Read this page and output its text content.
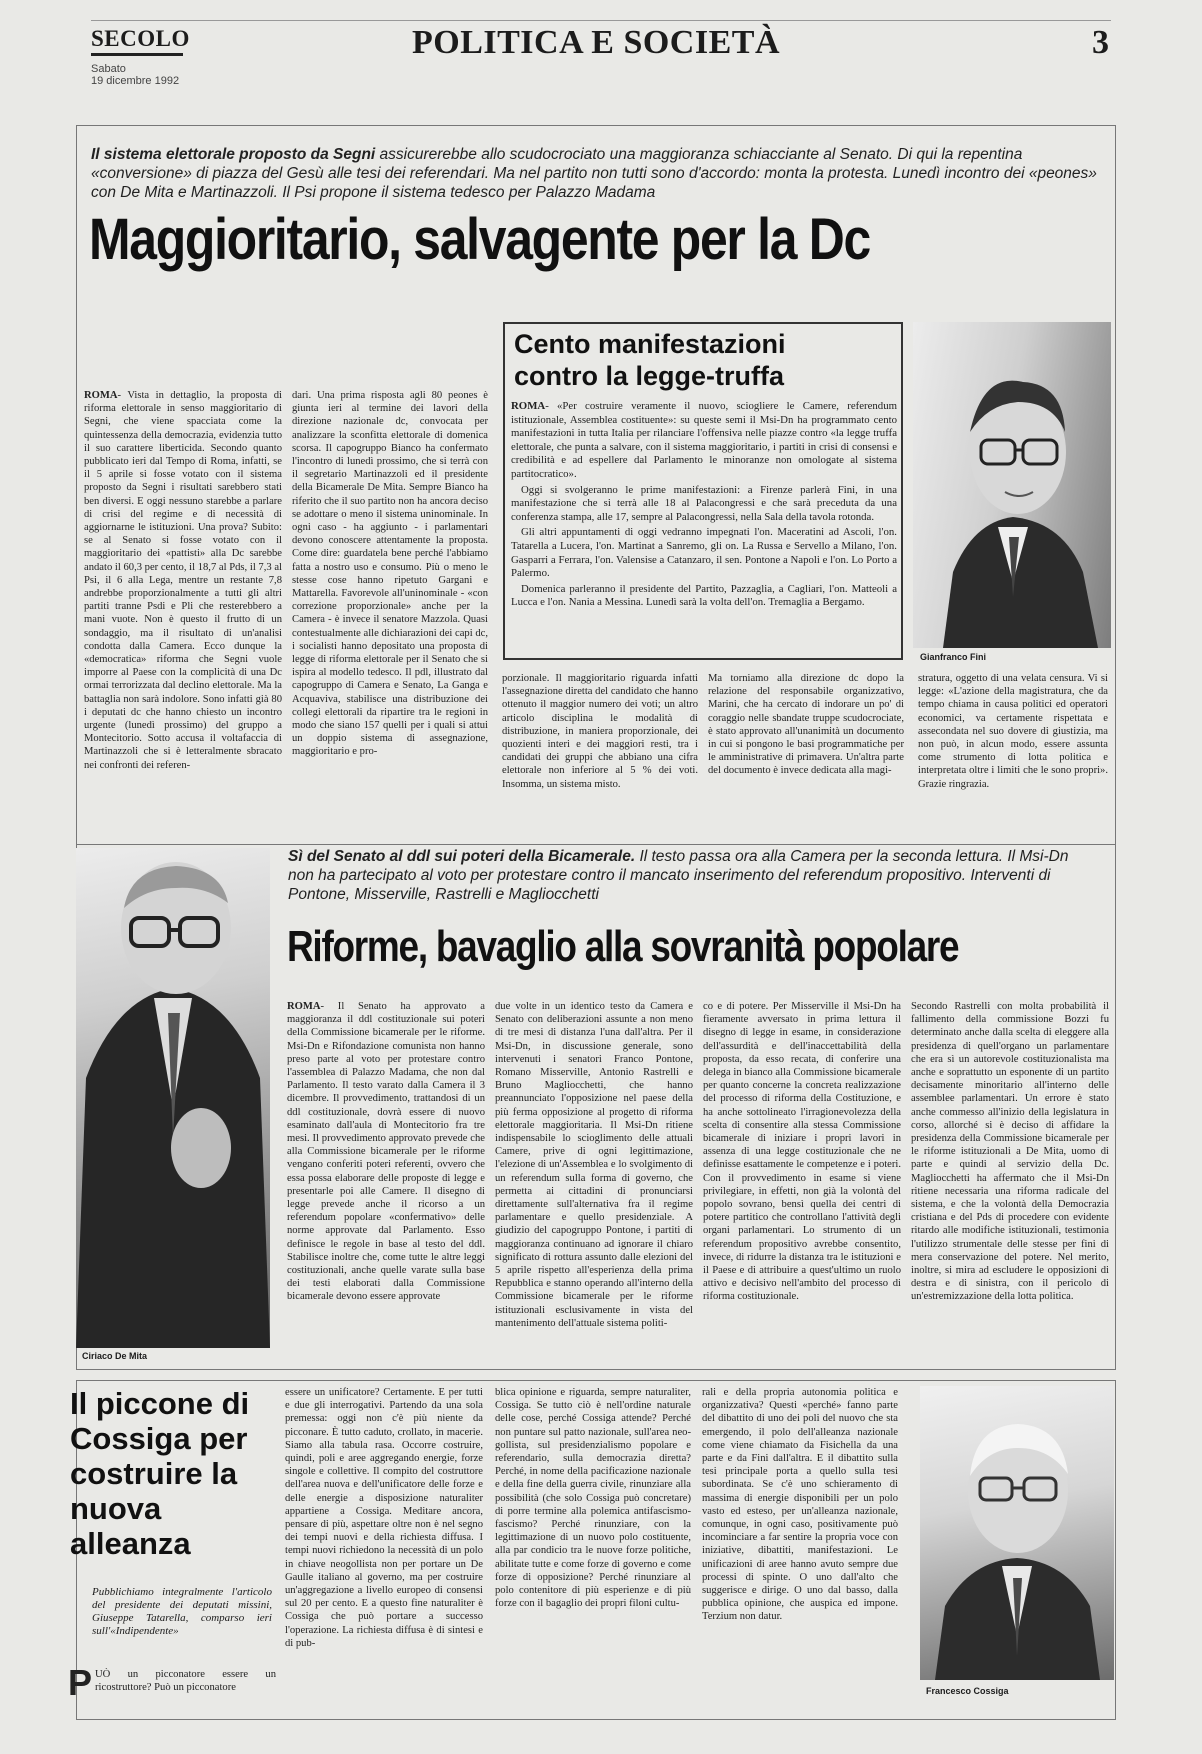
SECOLO
Sabato
19 dicembre 1992
POLITICA E SOCIETÀ	3
Il sistema elettorale proposto da Segni assicurerebbe allo scudocrociato una maggioranza schiacciante al Senato. Di qui la repentina «conversione» di piazza del Gesù alle tesi dei referendari. Ma nel partito non tutti sono d'accordo: monta la protesta. Lunedì incontro dei «peones» con De Mita e Martinazzoli. Il Psi propone il sistema tedesco per Palazzo Madama
Maggioritario, salvagente per la Dc
ROMA- Vista in dettaglio, la proposta di riforma elettorale in senso maggioritario di Segni, che viene spacciata come la quintessenza della democrazia, evidenzia tutto il suo carattere liberticida. Secondo quanto pubblicato ieri dal Tempo di Roma, infatti, se il 5 aprile si fosse votato con il sistema proposto da Segni i risultati sarebbero stati ben diversi. E oggi nessuno starebbe a parlare di crisi del regime e di necessità di aggiornarne le istituzioni. Una prova? Subito: se al Senato si fosse votato con il maggioritario dei «pattisti» alla Dc sarebbe andato il 60,3 per cento, il 18,7 al Pds, il 7,3 al Psi, il 6 alla Lega, mentre un restante 7,8 andrebbe proporzionalmente a tutti gli altri partiti tranne Psdi e Pli che resterebbero a mani vuote. Non è questo il frutto di un sondaggio, ma il risultato di un'analisi condotta dalla Camera. Ecco dunque la «democratica» riforma che Segni vuole imporre al Paese con la complicità di una Dc ormai terrorizzata dal declino elettorale. Ma la battaglia non sarà indolore. Sono infatti già 80 i deputati dc che hanno chiesto un incontro urgente (lunedì prossimo) del gruppo a Montecitorio. Sotto accusa il voltafaccia di Martinazzoli che si è letteralmente sbracato nei confronti dei referen-
dari. Una prima risposta agli 80 peones è giunta ieri al termine dei lavori della direzione nazionale dc, convocata per analizzare la sconfitta elettorale di domenica scorsa. Il capogruppo Bianco ha confermato l'incontro di lunedì prossimo, che si terrà con il segretario Martinazzoli ed il presidente della Bicamerale De Mita. Sempre Bianco ha riferito che il suo partito non ha ancora deciso se adottare o meno il sistema uninominale. In ogni caso - ha aggiunto - i parlamentari devono conoscere attentamente la proposta. Come dire: guardatela bene perché l'abbiamo fatta a nostro uso e consumo. Più o meno le stesse cose hanno ripetuto Gargani e Mattarella. Favorevole all'uninominale - «con correzione proporzionale» anche per la Camera - è invece il senatore Mazzola. Quasi contestualmente alle dichiarazioni dei capi dc, i socialisti hanno depositato una proposta di legge di riforma elettorale per il Senato che si ispira al modello tedesco. Il pdl, illustrato dal capogruppo di Camera e Senato, La Ganga e Acquaviva, stabilisce una distribuzione dei collegi elettorali da ripartire tra le regioni in modo che siano 157 quelli per i quali si attui un doppio sistema di assegnazione, maggioritario e pro-
porzionale. Il maggioritario riguarda infatti l'assegnazione diretta del candidato che hanno ottenuto il maggior numero dei voti; un altro articolo disciplina le modalità di distribuzione, in maniera proporzionale, dei quozienti interi e dei maggiori resti, tra i candidati dei gruppi che abbiano una cifra elettorale non inferiore al 5 % dei voti. Insomma, un sistema misto.
Ma torniamo alla direzione dc dopo la relazione del responsabile organizzativo, Marini, che ha cercato di indorare un po' di coraggio nelle sbandate truppe scudocrociate, è stato approvato all'unanimità un documento in cui si pongono le basi programmatiche per le amministrative di primavera. Un'altra parte del documento è invece dedicata alla magi-
stratura, oggetto di una velata censura. Vi si legge: «L'azione della magistratura, che da tempo chiama in causa politici ed operatori economici, va certamente rispettata e assecondata nel suo dovere di giustizia, ma non può, in alcun modo, essere assunta come strumento di lotta politica e interpretata oltre i limiti che le sono propri». Grazie ringrazia.
Cento manifestazioni contro la legge-truffa

ROMA- «Per costruire veramente il nuovo, sciogliere le Camere, referendum istituzionale, Assemblea costituente»: su queste semi il Msi-Dn ha programmato cento manifestazioni in tutta Italia per rilanciare l'offensiva nelle piazze contro «la legge truffa elettorale, che punta a salvare, con il sistema maggioritario, i partiti in crisi di consensi e credibilità e ad espellere dal Parlamento le minoranze non omologate al sistema partitocratico».

Oggi si svolgeranno le prime manifestazioni: a Firenze parlerà Fini, in una manifestazione che si terrà alle 18 al Palacongressi e che sarà preceduta da una conferenza stampa, alle 17, sempre al Palacongressi, nella Sala della tavola rotonda.

Gli altri appuntamenti di oggi vedranno impegnati l'on. Maceratini ad Ascoli, l'on. Tatarella a Lucera, l'on. Martinat a Sanremo, gli on. La Russa e Servello a Milano, l'on. Gasparri a Ferrara, l'on. Valensise a Catanzaro, il sen. Pontone a Napoli e l'on. Lo Porto a Palermo.

Domenica parleranno il presidente del Partito, Pazzaglia, a Cagliari, l'on. Matteoli a Lucca e l'on. Nania a Messina. Lunedì sarà la volta dell'on. Tremaglia a Bergamo.

Gianfranco Fini
Ciriaco De Mita
Sì del Senato al ddl sui poteri della Bicamerale. Il testo passa ora alla Camera per la seconda lettura. Il Msi-Dn non ha partecipato al voto per protestare contro il mancato inserimento del referendum propositivo. Interventi di Pontone, Misserville, Rastrelli e Magliocchetti
Riforme, bavaglio alla sovranità popolare
ROMA- Il Senato ha approvato a maggioranza il ddl costituzionale sui poteri della Commissione bicamerale per le riforme. Msi-Dn e Rifondazione comunista non hanno preso parte al voto per protestare contro l'assemblea di Palazzo Madama, che non dal Parlamento. Il testo varato dalla Camera il 3 dicembre. Il provvedimento, trattandosi di un ddl costituzionale, dovrà essere di nuovo esaminato dall'aula di Montecitorio fra tre mesi. Il provvedimento approvato prevede che alla Commissione bicamerale per le riforme vengano conferiti poteri referenti, ovvero che essa possa elaborare delle proposte di legge e presentarle poi alle Camere. Il disegno di legge prevede anche il ricorso a un referendum popolare «confermativo» delle norme approvate dal Parlamento. Esso definisce le regole in base al testo del ddl. Stabilisce inoltre che, come tutte le altre leggi costituzionali, anche quelle varate sulla base dei testi elaborati dalla Commissione bicamerale devono essere approvate
due volte in un identico testo da Camera e Senato con deliberazioni assunte a non meno di tre mesi di distanza l'una dall'altra. Per il Msi-Dn, in discussione generale, sono intervenuti i senatori Franco Pontone, Romano Misserville, Antonio Rastrelli e Bruno Magliocchetti, che hanno preannunciato l'opposizione nel paese della più ferma opposizione al progetto di riforma elettorale maggioritaria. Il Msi-Dn ritiene indispensabile lo scioglimento delle attuali Camere, prive di ogni legittimazione, l'elezione di un'Assemblea e lo svolgimento di un referendum sulla forma di governo, che permetta ai cittadini di pronunciarsi direttamente sull'alternativa fra il regime parlamentare e quello presidenziale. A giudizio del capogruppo Pontone, i partiti di maggioranza continuano ad ignorare il chiaro significato di rottura assunto dalle elezioni del 5 aprile rispetto all'esperienza della prima Repubblica e stanno operando all'interno della Commissione bicamerale per le riforme istituzionali esclusivamente in vista del mantenimento dell'attuale sistema politi-
co e di potere. Per Misserville il Msi-Dn ha fieramente avversato in prima lettura il disegno di legge in esame, in considerazione dell'assurdità e dell'inaccettabilità della proposta, da esso recata, di conferire una delega in bianco alla Commissione bicamerale per quanto concerne la concreta realizzazione del processo di riforma della Costituzione, e ha anche sottolineato l'irragionevolezza della scelta di consentire alla stessa Commissione bicamerale di iniziare i propri lavori in assenza di una legge costituzionale che ne definisse esattamente le competenze e i poteri. Con il provvedimento in esame si viene privilegiare, in effetti, non già la volontà del popolo sovrano, bensì quella dei centri di potere partitico che controllano l'attività degli organi parlamentari. Lo strumento di un referendum propositivo avrebbe consentito, invece, di ridurre la distanza tra le istituzioni e il Paese e di attribuire a quest'ultimo un ruolo attivo e decisivo nell'ambito del processo di riforma costituzionale.
Secondo Rastrelli con molta probabilità il fallimento della commissione Bozzi fu determinato anche dalla scelta di eleggere alla presidenza di quell'organo un parlamentare che era sì un autorevole costituzionalista ma anche e soprattutto un esponente di un partito decisamente minoritario all'interno delle assemblee parlamentari. Un errore è stato anche commesso all'inizio della legislatura in corso, allorché si è deciso di affidare la presidenza della Commissione bicamerale per le riforme istituzionali a De Mita, uomo di parte e quindi al servizio della Dc. Magliocchetti ha affermato che il Msi-Dn ritiene necessaria una riforma radicale del sistema, e che la volontà della Democrazia cristiana e del Pds di procedere con evidente ritardo alle modifiche istituzionali, testimonia l'utilizzo strumentale delle stesse per fini di mera conservazione del potere. Nel merito, inoltre, si mira ad escludere le opposizioni di destra e di sinistra, con il pericolo di un'estremizzazione della lotta politica.
Il piccone di Cossiga per costruire la nuova alleanza
Pubblichiamo integralmente l'articolo del presidente dei deputati missini, Giuseppe Tatarella, comparso ieri sull'«Indipendente»
PUÒ un picconatore essere un ricostruttore? Può un picconatore
essere un unificatore? Certamente. E per tutti e due gli interrogativi. Partendo da una sola premessa: oggi non c'è più niente da picconare. È tutto caduto, crollato, in macerie. Siamo alla tabula rasa. Occorre costruire, quindi, poli e aree aggregando energie, forze singole e collettive. Il compito del costruttore dell'area nuova e dell'unificatore delle forze e delle energie a disposizione naturaliter appartiene a Cossiga. Meditare ancora, pensare di più, aspettare oltre non è nel segno dei tempi nuovi e della richiesta diffusa. I tempi nuovi richiedono la necessità di un polo in chiave neogollista non per portare un De Gaulle italiano al governo, ma per costruire un'aggregazione a livello europeo di consensi sul 20 per cento. E a questo fine naturaliter è Cossiga che può portare a successo l'operazione. La richiesta diffusa è di sintesi e di pub-
blica opinione e riguarda, sempre naturaliter, Cossiga. Se tutto ciò è nell'ordine naturale delle cose, perché Cossiga attende? Perché non puntare sul patto nazionale, sull'area neo-gollista, sul presidenzialismo popolare e referendario, sulla democrazia diretta? Perché, in nome della pacificazione nazionale e della fine della guerra civile, rinunziare alla possibilità (che solo Cossiga può concretare) di porre termine alla polemica antifascismo-fascismo? Perché rinunziare, con la legittimazione di un nuovo polo costituente, alla par condicio tra le nuove forze politiche, abilitate tutte e come forze di governo e come forze di opposizione? Perché rinunziare al polo contenitore di più esperienze e di più forze con il bagaglio dei propri filoni cultu-
rali e della propria autonomia politica e organizzativa? Questi «perché» fanno parte del dibattito di uno dei poli del nuovo che sta emergendo, il polo dell'alleanza nazionale come viene chiamato da Fisichella da una parte e da Fini dall'altra. E il dibattito sulla tesi principale porta a quello sulla tesi subordinata. Se c'è uno schieramento di massima di energie disponibili per un polo vasto ed esteso, per un'alleanza nazionale, comunque, in ogni caso, positivamente può incominciare a far sentire la propria voce con iniziative, dibattiti, manifestazioni. Le unificazioni di aree hanno avuto sempre due processi di spinte. O uno dall'alto che suggerisce e dirige. O uno dal basso, dalla pubblica opinione, che auspica ed impone. Terzium non datur.
Francesco Cossiga
